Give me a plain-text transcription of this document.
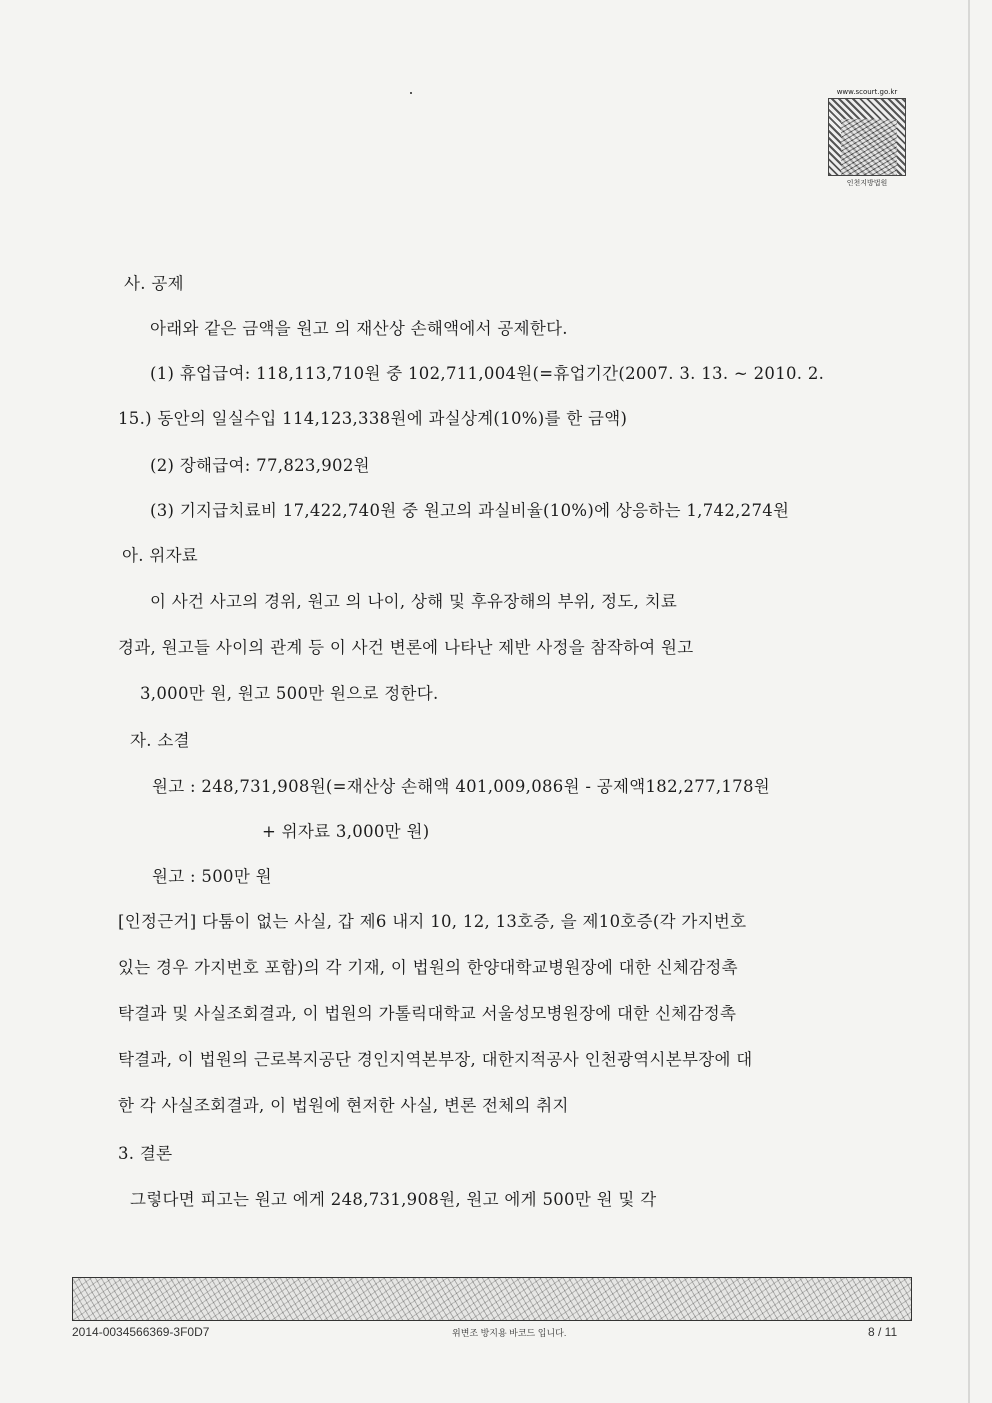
www.scourt.go.kr
인천지방법원
사. 공제
아래와 같은 금액을 원고 의 재산상 손해액에서 공제한다.
(1) 휴업급여: 118,113,710원 중 102,711,004원(=휴업기간(2007. 3. 13. ~ 2010. 2.
15.) 동안의 일실수입 114,123,338원에 과실상계(10%)를 한 금액)
(2) 장해급여: 77,823,902원
(3) 기지급치료비 17,422,740원 중 원고의 과실비율(10%)에 상응하는 1,742,274원
아. 위자료
이 사건 사고의 경위, 원고 의 나이, 상해 및 후유장해의 부위, 정도, 치료
경과, 원고들 사이의 관계 등 이 사건 변론에 나타난 제반 사정을 참작하여 원고
3,000만 원, 원고 500만 원으로 정한다.
자. 소결
원고 : 248,731,908원(=재산상 손해액 401,009,086원 - 공제액182,277,178원
+ 위자료 3,000만 원)
원고 : 500만 원
[인정근거] 다툼이 없는 사실, 갑 제6 내지 10, 12, 13호증, 을 제10호증(각 가지번호
있는 경우 가지번호 포함)의 각 기재, 이 법원의 한양대학교병원장에 대한 신체감정촉
탁결과 및 사실조회결과, 이 법원의 가톨릭대학교 서울성모병원장에 대한 신체감정촉
탁결과, 이 법원의 근로복지공단 경인지역본부장, 대한지적공사 인천광역시본부장에 대
한 각 사실조회결과, 이 법원에 현저한 사실, 변론 전체의 취지
3. 결론
그렇다면 피고는 원고 에게 248,731,908원, 원고 에게 500만 원 및 각
2014-0034566369-3F0D7	위변조 방지용 바코드 입니다.	8 / 11
